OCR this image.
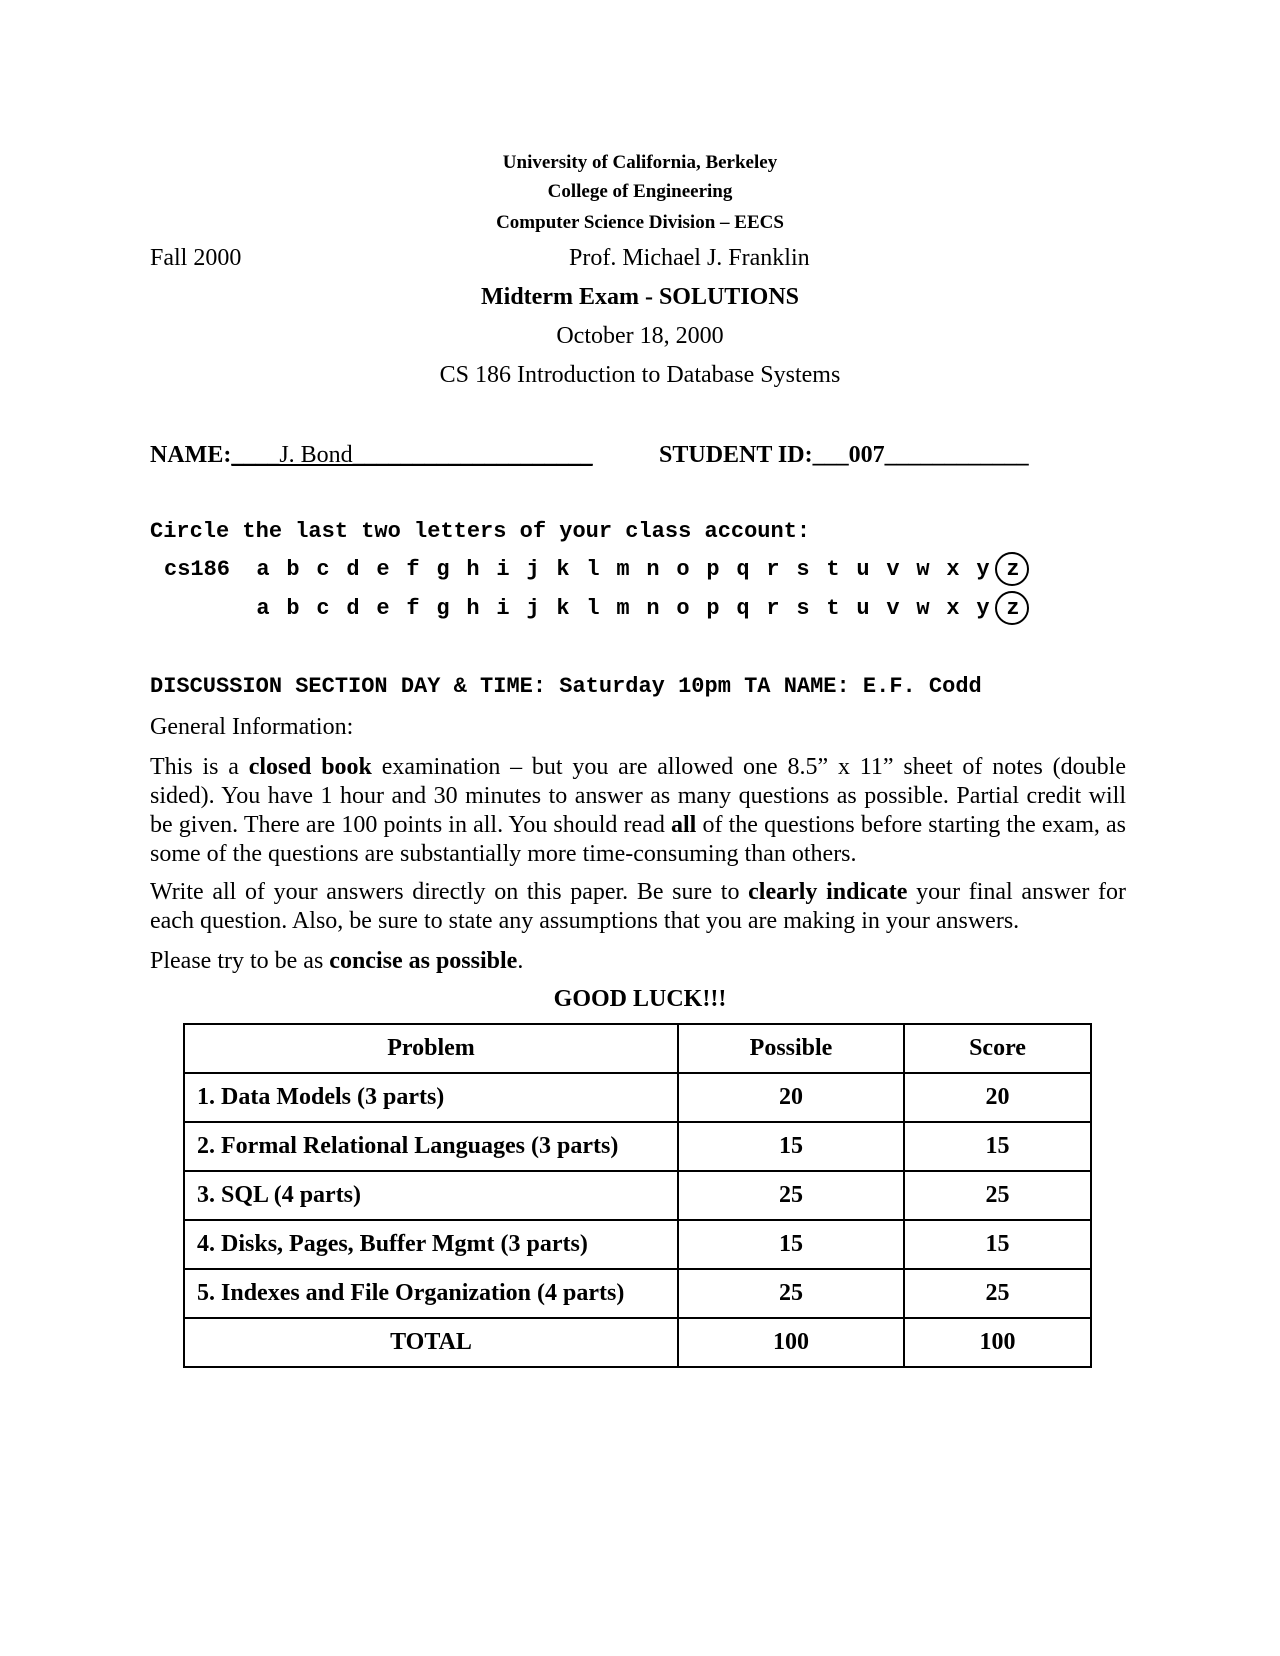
University of California, Berkeley
College of Engineering
Computer Science Division – EECS
Fall 2000	Prof. Michael J. Franklin
Midterm Exam - SOLUTIONS
October 18, 2000
CS 186 Introduction to Database Systems
NAME:____J. Bond____________________	STUDENT ID:___007____________
Circle the last two letters of your class account:
cs186 a b c d e f g h i j k l m n o p q r s t u v w x y z
a b c d e f g h i j k l m n o p q r s t u v w x y z
DISCUSSION SECTION DAY & TIME: Saturday 10pm TA NAME: E.F. Codd
General Information:
This is a closed book examination – but you are allowed one 8.5” x 11” sheet of notes (double sided). You have 1 hour and 30 minutes to answer as many questions as possible. Partial credit will be given. There are 100 points in all. You should read all of the questions before starting the exam, as some of the questions are substantially more time-consuming than others.
Write all of your answers directly on this paper. Be sure to clearly indicate your final answer for each question. Also, be sure to state any assumptions that you are making in your answers.
Please try to be as concise as possible.
GOOD LUCK!!!
Problem	Possible	Score
1. Data Models (3 parts)	20	20
2. Formal Relational Languages (3 parts)	15	15
3. SQL (4 parts)	25	25
4. Disks, Pages, Buffer Mgmt (3 parts)	15	15
5. Indexes and File Organization (4 parts)	25	25
TOTAL	100	100
